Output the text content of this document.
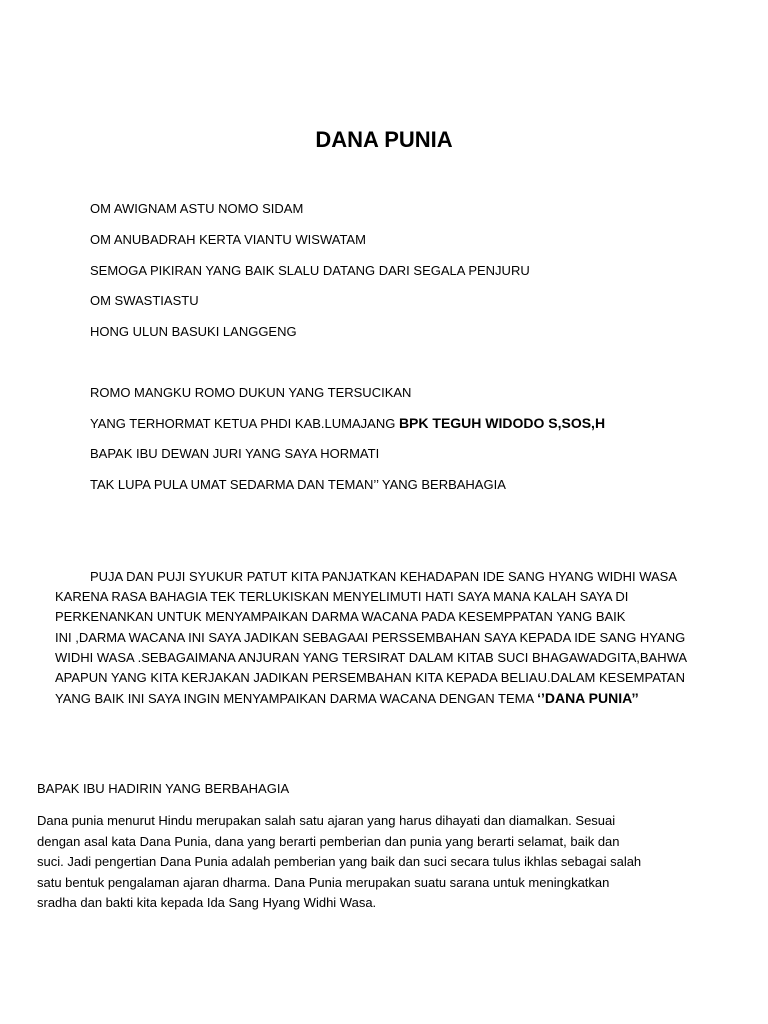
DANA PUNIA
OM AWIGNAM ASTU NOMO SIDAM
OM ANUBADRAH KERTA VIANTU WISWATAM
SEMOGA PIKIRAN YANG BAIK SLALU DATANG DARI SEGALA PENJURU
OM SWASTIASTU
HONG ULUN BASUKI LANGGENG
ROMO MANGKU ROMO DUKUN YANG TERSUCIKAN
YANG TERHORMAT KETUA PHDI KAB.LUMAJANG BPK TEGUH WIDODO S,SOS,H
BAPAK IBU DEWAN JURI YANG SAYA HORMATI
TAK LUPA PULA UMAT SEDARMA DAN TEMAN’’ YANG BERBAHAGIA
PUJA DAN PUJI SYUKUR PATUT KITA PANJATKAN KEHADAPAN IDE SANG HYANG WIDHI WASA
KARENA RASA BAHAGIA TEK TERLUKISKAN MENYELIMUTI HATI SAYA MANA KALAH SAYA DI
PERKENANKAN UNTUK MENYAMPAIKAN DARMA WACANA PADA KESEMPPATAN YANG BAIK
INI ,DARMA WACANA INI SAYA JADIKAN SEBAGAAI PERSSEMBAHAN SAYA KEPADA IDE SANG HYANG
WIDHI WASA .SEBAGAIMANA ANJURAN YANG TERSIRAT DALAM KITAB SUCI BHAGAWADGITA,BAHWA
APAPUN YANG KITA KERJAKAN JADIKAN PERSEMBAHAN KITA KEPADA BELIAU.DALAM KESEMPATAN
YANG BAIK INI SAYA INGIN MENYAMPAIKAN DARMA WACANA DENGAN TEMA ‘’DANA PUNIA’’
BAPAK IBU HADIRIN YANG BERBAHAGIA
Dana punia menurut Hindu merupakan salah satu ajaran yang harus dihayati dan diamalkan. Sesuai
dengan asal kata Dana Punia, dana yang berarti pemberian dan punia yang berarti selamat, baik dan
suci. Jadi pengertian Dana Punia adalah pemberian yang baik dan suci secara tulus ikhlas sebagai salah
satu bentuk pengalaman ajaran dharma. Dana Punia merupakan suatu sarana untuk meningkatkan
sradha dan bakti kita kepada Ida Sang Hyang Widhi Wasa.
